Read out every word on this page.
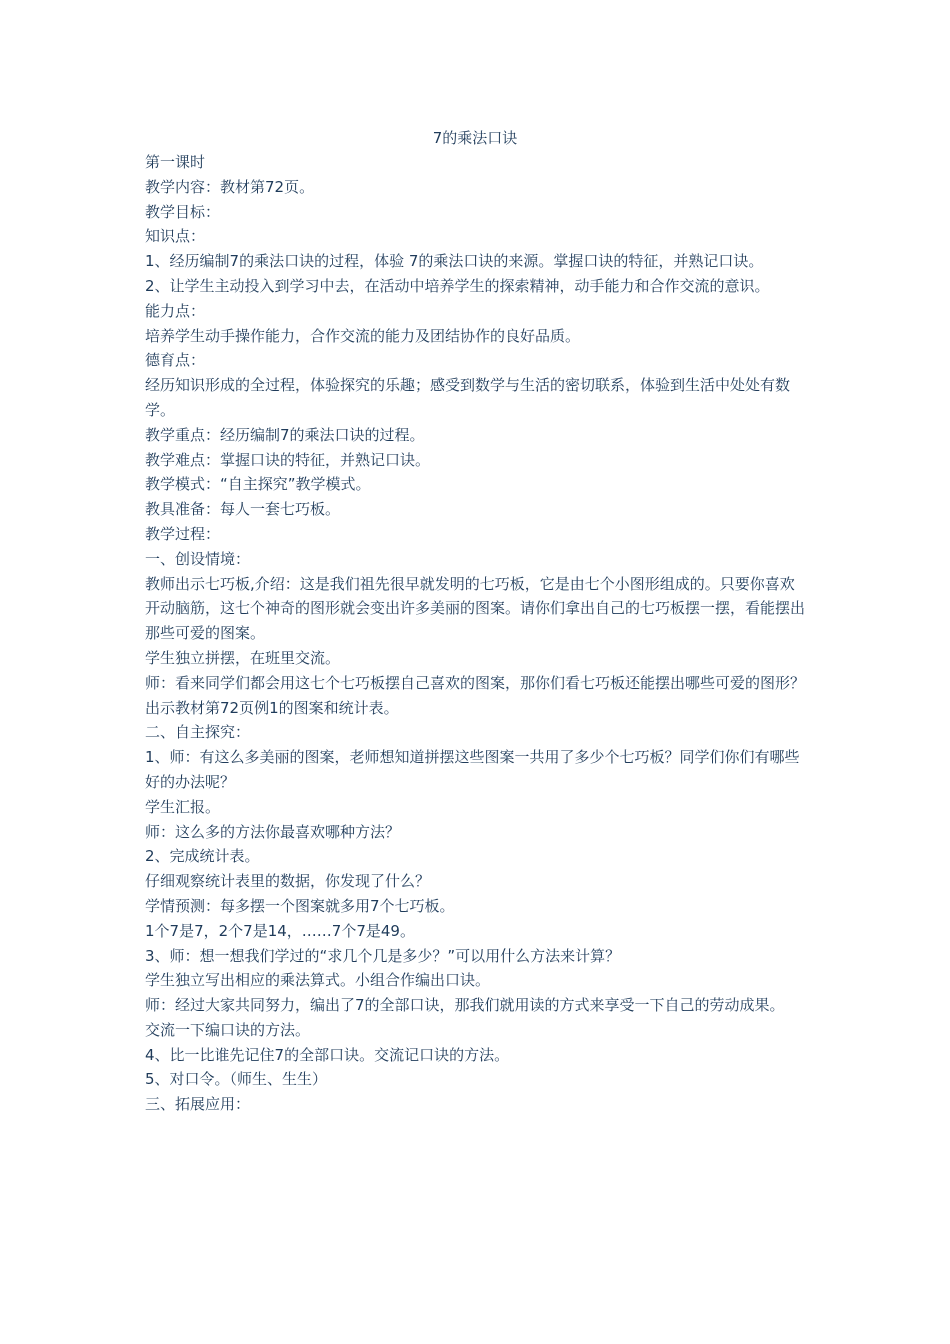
7的乘法口诀

第一课时

教学内容：教材第72页。

教学目标：

知识点：

1、经历编制7的乘法口诀的过程，体验 7的乘法口诀的来源。掌握口诀的特征，并熟记口诀。

2、让学生主动投入到学习中去，在活动中培养学生的探索精神，动手能力和合作交流的意识。

能力点：

培养学生动手操作能力，合作交流的能力及团结协作的良好品质。

德育点：

经历知识形成的全过程，体验探究的乐趣；感受到数学与生活的密切联系，体验到生活中处处有数学。

教学重点：经历编制7的乘法口诀的过程。

教学难点：掌握口诀的特征，并熟记口诀。

教学模式：“自主探究”教学模式。

教具准备：每人一套七巧板。

教学过程：

一、创设情境：

教师出示七巧板,介绍：这是我们祖先很早就发明的七巧板，它是由七个小图形组成的。只要你喜欢开动脑筋，这七个神奇的图形就会变出许多美丽的图案。请你们拿出自己的七巧板摆一摆，看能摆出那些可爱的图案。

学生独立拼摆，在班里交流。

师：看来同学们都会用这七个七巧板摆自己喜欢的图案，那你们看七巧板还能摆出哪些可爱的图形？

出示教材第72页例1的图案和统计表。

二、自主探究：

1、师：有这么多美丽的图案，老师想知道拼摆这些图案一共用了多少个七巧板？同学们你们有哪些好的办法呢？

学生汇报。

师：这么多的方法你最喜欢哪种方法？

2、完成统计表。

仔细观察统计表里的数据，你发现了什么？

学情预测：每多摆一个图案就多用7个七巧板。

1个7是7，2个7是14，……7个7是49。

3、师：想一想我们学过的“求几个几是多少？”可以用什么方法来计算？

学生独立写出相应的乘法算式。小组合作编出口诀。

师：经过大家共同努力，编出了7的全部口诀，那我们就用读的方式来享受一下自己的劳动成果。

交流一下编口诀的方法。

4、比一比谁先记住7的全部口诀。交流记口诀的方法。

5、对口令。（师生、生生）

三、拓展应用：
